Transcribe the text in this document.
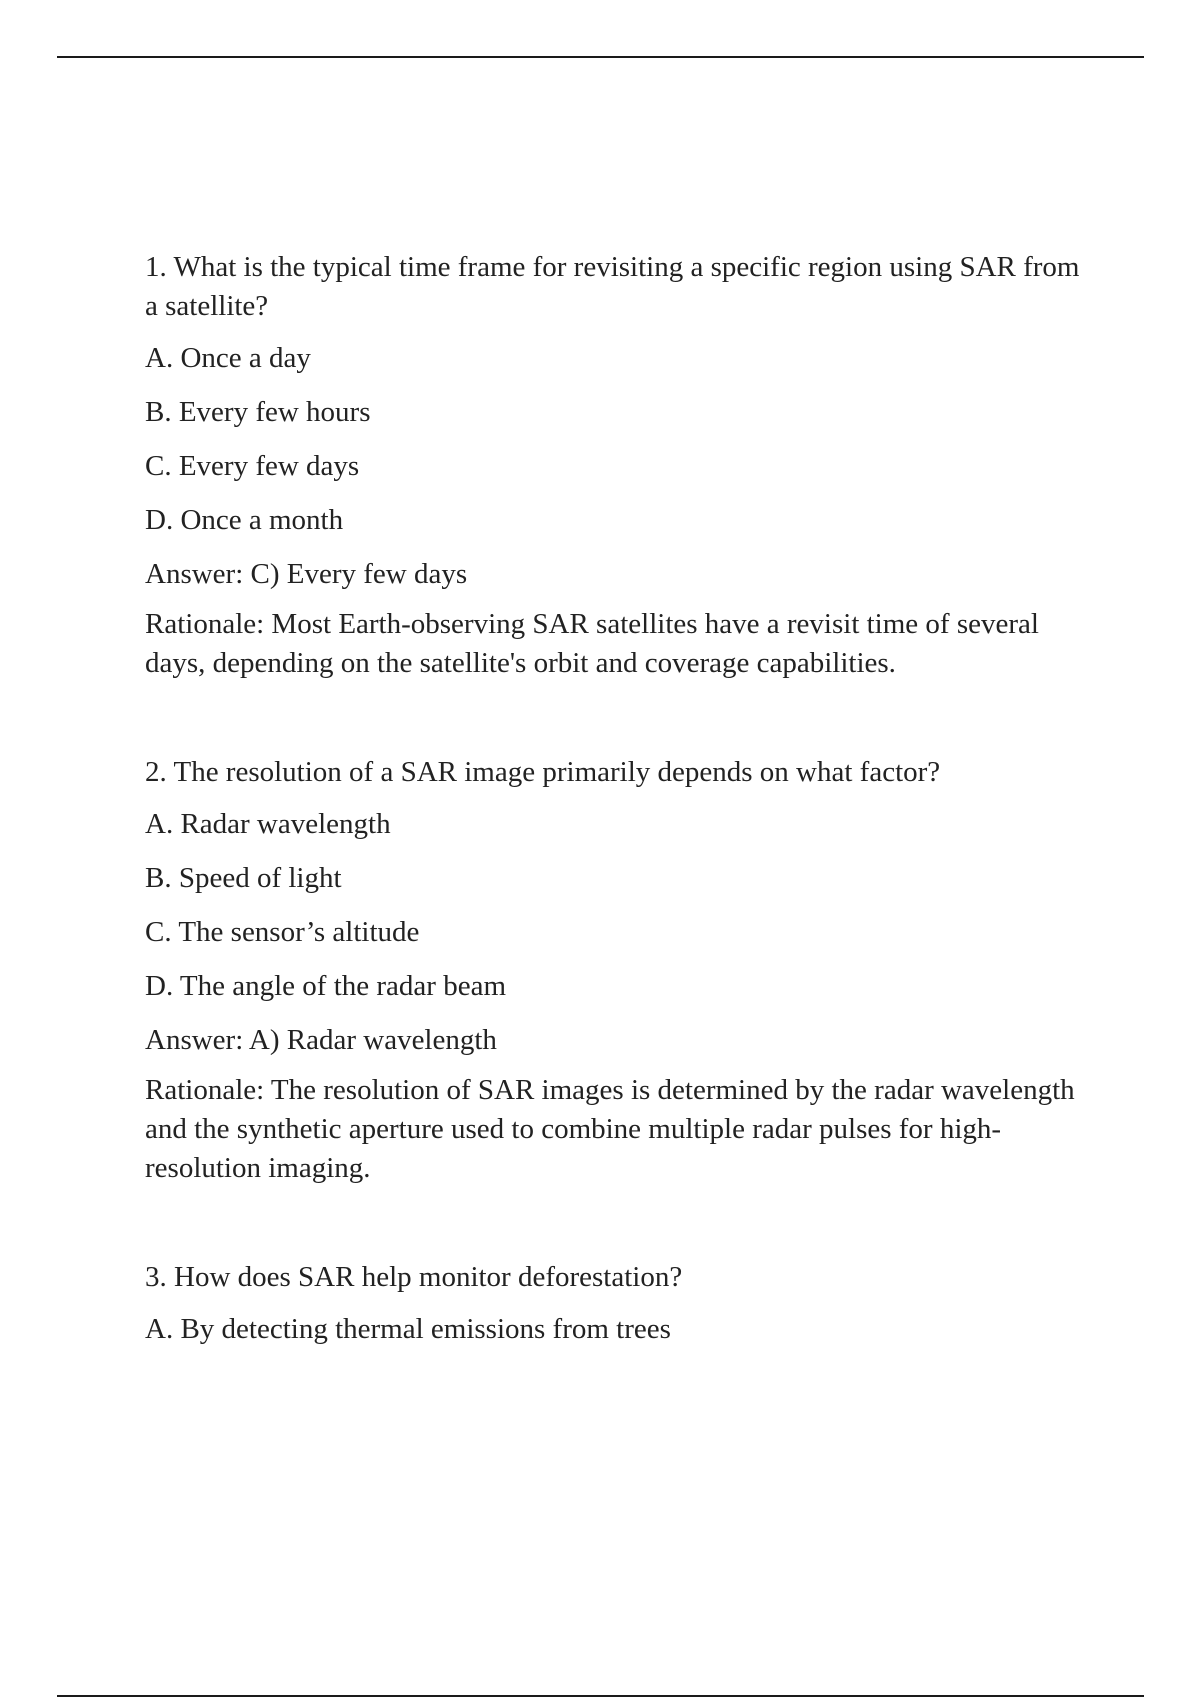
1. What is the typical time frame for revisiting a specific region using SAR from a satellite?

A. Once a day

B. Every few hours

C. Every few days

D. Once a month

Answer: C) Every few days

Rationale: Most Earth-observing SAR satellites have a revisit time of several days, depending on the satellite's orbit and coverage capabilities.

2. The resolution of a SAR image primarily depends on what factor?

A. Radar wavelength

B. Speed of light

C. The sensor’s altitude

D. The angle of the radar beam

Answer: A) Radar wavelength

Rationale: The resolution of SAR images is determined by the radar wavelength and the synthetic aperture used to combine multiple radar pulses for high-resolution imaging.

3. How does SAR help monitor deforestation?

A. By detecting thermal emissions from trees
